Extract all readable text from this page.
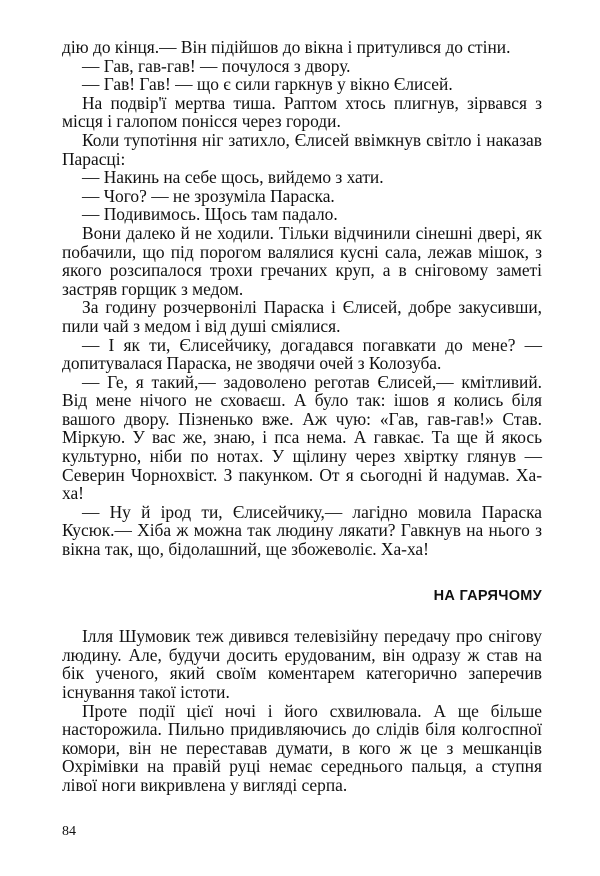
дію до кінця.— Він підійшов до вікна і притулився до стіни.

— Гав, гав-гав! — почулося з двору.

— Гав! Гав! — що є сили гаркнув у вікно Єлисей.

На подвір'ї мертва тиша. Раптом хтось плигнув, зірвався з місця і галопом понісся через городи.

Коли тупотіння ніг затихло, Єлисей ввімкнув світло і наказав Парасці:

— Накинь на себе щось, вийдемо з хати.

— Чого? — не зрозуміла Параска.

— Подивимось. Щось там падало.

Вони далеко й не ходили. Тільки відчинили сінешні двері, як побачили, що під порогом валялися кусні сала, лежав мішок, з якого розсипалося трохи гречаних круп, а в сніговому заметі застряв горщик з медом.

За годину розчервонілі Параска і Єлисей, добре закусивши, пили чай з медом і від душі сміялися.

— І як ти, Єлисейчику, догадався погавкати до мене? — допитувалася Параска, не зводячи очей з Колозуба.

— Ге, я такий,— задоволено реготав Єлисей,— кмітливий. Від мене нічого не сховаєш. А було так: ішов я колись біля вашого двору. Пізненько вже. Аж чую: «Гав, гав-гав!» Став. Міркую. У вас же, знаю, і пса нема. А гавкає. Та ще й якось культурно, ніби по нотах. У щілину через хвіртку глянув — Северин Чорнохвіст. З пакунком. От я сьогодні й надумав. Ха-ха!

— Ну й ірод ти, Єлисейчику,— лагідно мовила Параска Кусюк.— Хіба ж можна так людину лякати? Гавкнув на нього з вікна так, що, бідолашний, ще збожеволіє. Ха-ха!

НА ГАРЯЧОМУ

Ілля Шумовик теж дивився телевізійну передачу про снігову людину. Але, будучи досить ерудованим, він одразу ж став на бік ученого, який своїм коментарем категорично заперечив існування такої істоти.

Проте події цієї ночі і його схвилювала. А ще більше насторожила. Пильно придивляючись до слідів біля колгоспної комори, він не переставав думати, в кого ж це з мешканців Охрімівки на правій руці немає середнього пальця, а ступня лівої ноги викривлена у вигляді серпа.

84
